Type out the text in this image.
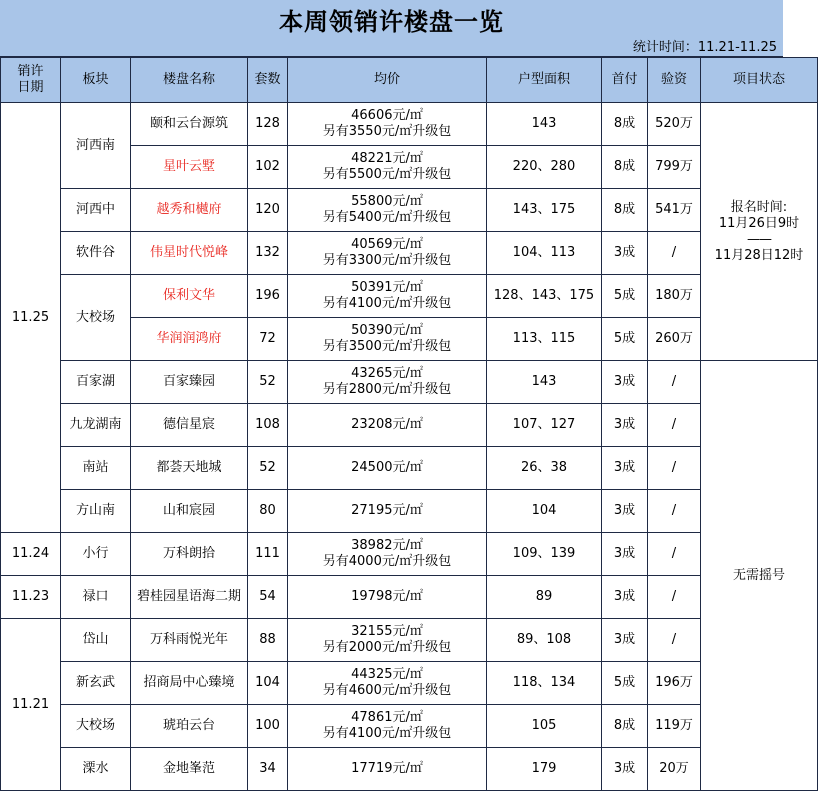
本周领销许楼盘一览
统计时间：11.21-11.25
销许
日期	板块	楼盘名称	套数	均价	户型面积	首付	验资	项目状态
11.25	河西南	颐和云台源筑	128	46606元/㎡
另有3550元/㎡升级包	143	8成	520万	报名时间:
11月26日9时
——
11月28日12时

		星叶云墅	102	48221元/㎡
另有5500元/㎡升级包	220、280	8成	799万	
	河西中	越秀和樾府	120	55800元/㎡
另有5400元/㎡升级包	143、175	8成	541万	
	软件谷	伟星时代悦峰	132	40569元/㎡
另有3300元/㎡升级包	104、113	3成	/	
	大校场	保利文华	196	50391元/㎡
另有4100元/㎡升级包	128、143、175	5成	180万	
		华润润鸿府	72	50390元/㎡
另有3500元/㎡升级包	113、115	5成	260万	
	百家湖	百家臻园	52	43265元/㎡
另有2800元/㎡升级包	143	3成	/	无需摇号
	九龙湖南	德信星宸	108	23208元/㎡	107、127	3成	/	
	南站	都荟天地城	52	24500元/㎡	26、38	3成	/	
	方山南	山和宸园	80	27195元/㎡	104	3成	/	
11.24	小行	万科朗拾	111	38982元/㎡
另有4000元/㎡升级包	109、139	3成	/	
11.23	禄口	碧桂园星语海二期	54	19798元/㎡	89	3成	/	
11.21	岱山	万科雨悦光年	88	32155元/㎡
另有2000元/㎡升级包	89、108	3成	/	
	新玄武	招商局中心臻境	104	44325元/㎡
另有4600元/㎡升级包	118、134	5成	196万	
	大校场	琥珀云台	100	47861元/㎡
另有4100元/㎡升级包	105	8成	119万	
	溧水	金地峯范	34	17719元/㎡	179	3成	20万	
